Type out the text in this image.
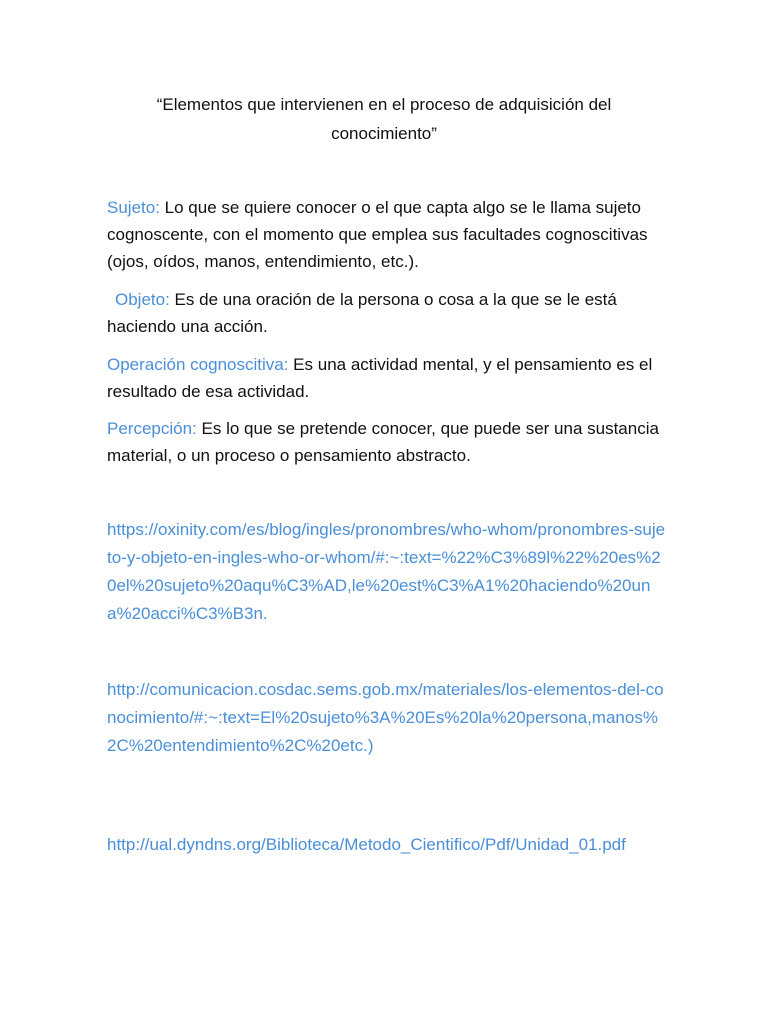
“Elementos que intervienen en el proceso de adquisición del conocimiento”

Sujeto: Lo que se quiere conocer o el que capta algo se le llama sujeto cognoscente, con el momento que emplea sus facultades cognoscitivas (ojos, oídos, manos, entendimiento, etc.).

Objeto: Es de una oración de la persona o cosa a la que se le está haciendo una acción.

Operación cognoscitiva: Es una actividad mental, y el pensamiento es el resultado de esa actividad.

Percepción: Es lo que se pretende conocer, que puede ser una sustancia material, o un proceso o pensamiento abstracto.

https://oxinity.com/es/blog/ingles/pronombres/who-whom/pronombres-sujeto-y-objeto-en-ingles-who-or-whom/#:~:text=%22%C3%89l%22%20es%20el%20sujeto%20aqu%C3%AD,le%20est%C3%A1%20haciendo%20una%20acci%C3%B3n.
http://comunicacion.cosdac.sems.gob.mx/materiales/los-elementos-del-conocimiento/#:~:text=El%20sujeto%3A%20Es%20la%20persona,manos%2C%20entendimiento%2C%20etc.)
http://ual.dyndns.org/Biblioteca/Metodo_Cientifico/Pdf/Unidad_01.pdf
